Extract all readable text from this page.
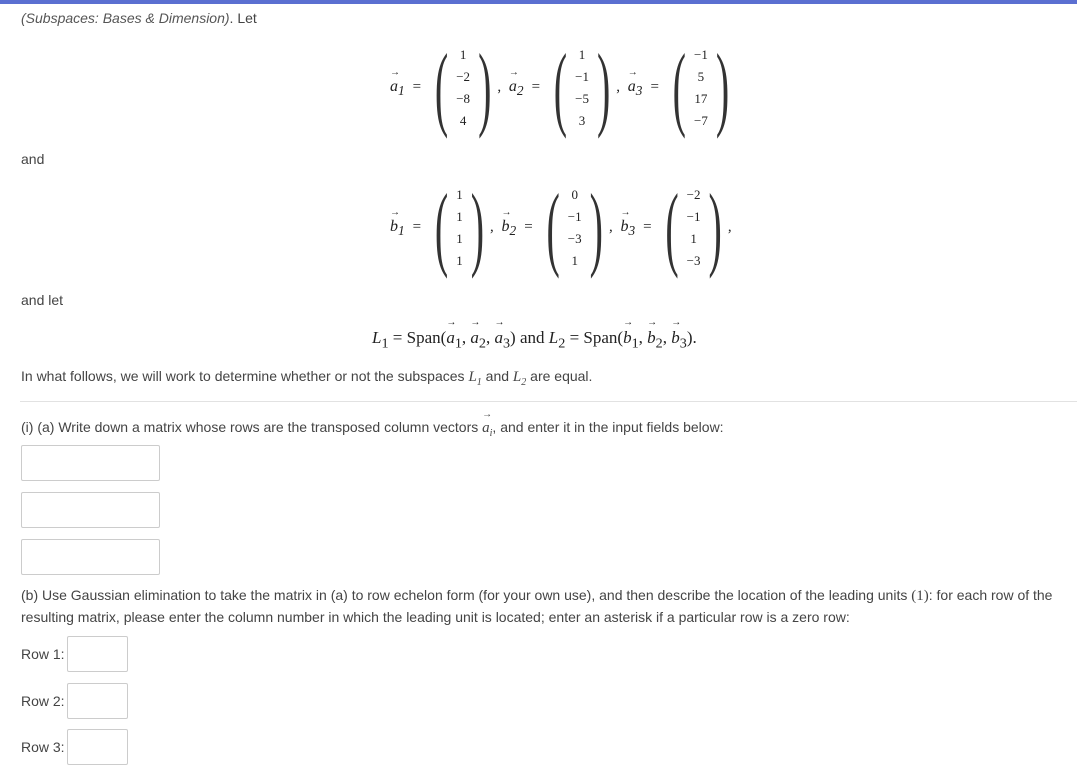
(Subspaces: Bases & Dimension). Let
→ $a_1$ = ( 1
−2
−8
4 ) , → $a_2$ = ( 1
−1
−5
3 ) , → $a_3$ = ( −1
5
17
−7 )
and
→ $b_1$ = ( 1
1
1
1 ) , → $b_2$ = ( 0
−1
−3
1 ) , → $b_3$ = ( −2
−1
1
−3 ) ,
and let
$L_1$ = Span(→ $a_1$, → $a_2$, → $a_3$) and $L_2$ = Span(→ $b_1$, → $b_2$, → $b_3$).
In what follows, we will work to determine whether or not the subspaces $L_1$ and $L_2$ are equal.
(i) (a) Write down a matrix whose rows are the transposed column vectors → $a_i$, and enter it in the input fields below:
(b) Use Gaussian elimination to take the matrix in (a) to row echelon form (for your own use), and then describe the location of the leading units (1): for each row of the
resulting matrix, please enter the column number in which the leading unit is located; enter an asterisk if a particular row is a zero row:
Row 1:
Row 2:
Row 3:
